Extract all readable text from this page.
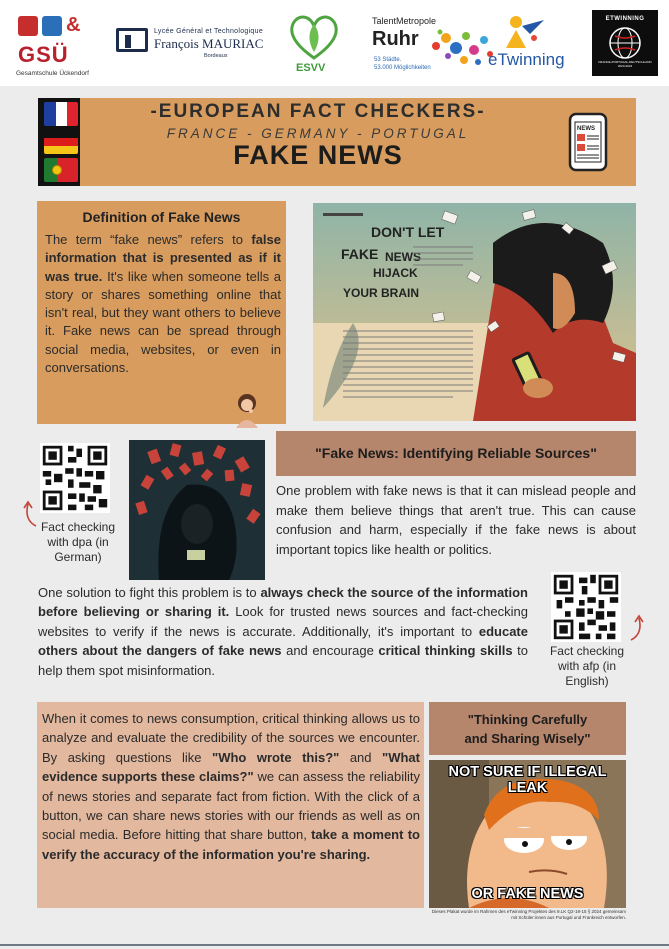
&
GSÜ
Gesamtschule Ückendorf
Lycée Général et Technologique
François MAURIAC
Bordeaux
ESVV
TalentMetropole
Ruhr
53 Städte.
53.000 Möglichkeiten	eTwinning
ETWINNING
FRANCE-PORTUGAL-DEUTSCHLAND 2023-2024
-EUROPEAN FACT CHECKERS-
FRANCE - GERMANY - PORTUGAL
FAKE NEWS
NEWS
Definition of Fake News
The term “fake news” refers to false information that is presented as if it was true. It's like when someone tells a story or shares something online that isn't real, but they want others to believe it. Fake news can be spread through social media, websites, or even in conversations.
DON'T LET
FAKE NEWS
HIJACK
YOUR BRAIN
Fact checking
with dpa (in
German)
"Fake News: Identifying Reliable Sources"
One problem with fake news is that it can mislead people and make them believe things that aren't true. This can cause confusion and harm, especially if the fake news is about important topics like health or politics.
One solution to fight this problem is to always check the source of the information before believing or sharing it. Look for trusted news sources and fact-checking websites to verify if the news is accurate. Additionally, it's important to educate others about the dangers of fake news and encourage critical thinking skills to help them spot misinformation.
Fact checking
with afp (in
English)
When it comes to news consumption, critical thinking allows us to analyze and evaluate the credibility of the sources we encounter. By asking questions like "Who wrote this?" and "What evidence supports these claims?" we can assess the reliability of news stories and separate fact from fiction. With the click of a button, we can share news stories with our friends as well as on social media. Before hitting that share button, take a moment to verify the accuracy of the information you're sharing.
"Thinking Carefully
and Sharing Wisely"
NOT SURE IF ILLEGAL LEAK
OR FAKE NEWS
Dieses Plakat wurde im Rahmen des eTwinning Projektes des 9.LK Q2-19-15 § 2024 gemeinsam mit Schüler:innen aus Portugal und Frankreich entworfen.
